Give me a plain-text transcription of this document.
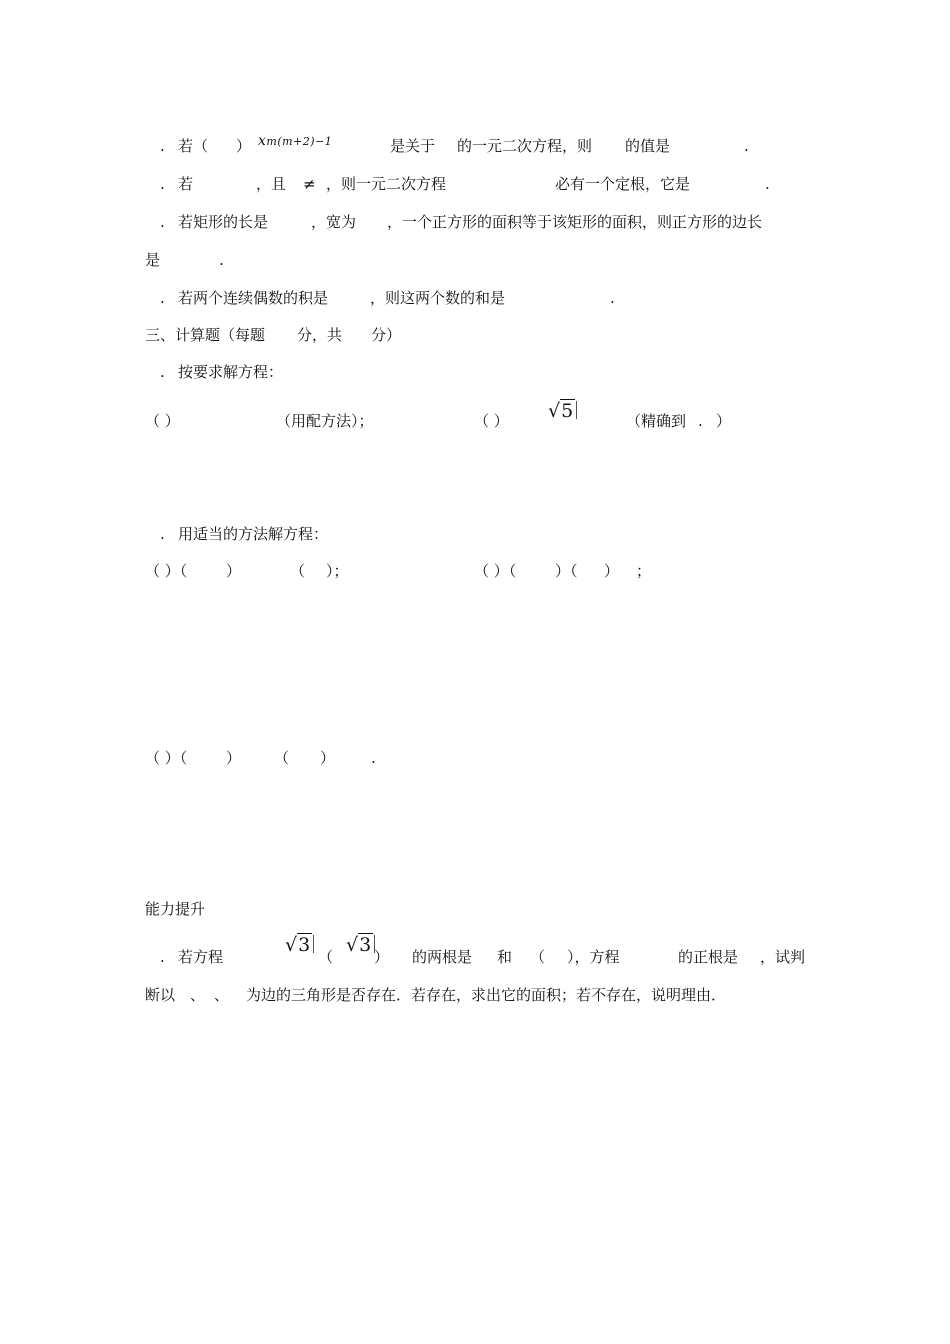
. 若（ ） xm(m+2)−1	是关于 的一元二次方程，则 的值是	.
. 若	，且 ≠ ，则一元二次方程	必有一个定根，它是	.
. 若矩形的长是	，宽为 ，一个正方形的面积等于该矩形的面积，则正方形的边长
是	.
. 若两个连续偶数的积是	，则这两个数的和是	.
三、计算题（每题 分，共 分）
. 按要求解方程：
（ ）	（用配方法）；	（ ） √5	（精确到 . ）
. 用适当的方法解方程：
（ ）（	）	（ ）；	（ ）（	）（ ） ；
（ ）（	） （ ） .
能力提升
. 若方程
√3
（
√3
） 的两根是 和 （ ），方程	的正根是 ，试判
断以 、 、 为边的三角形是否存在．若存在，求出它的面积；若不存在，说明理由．
